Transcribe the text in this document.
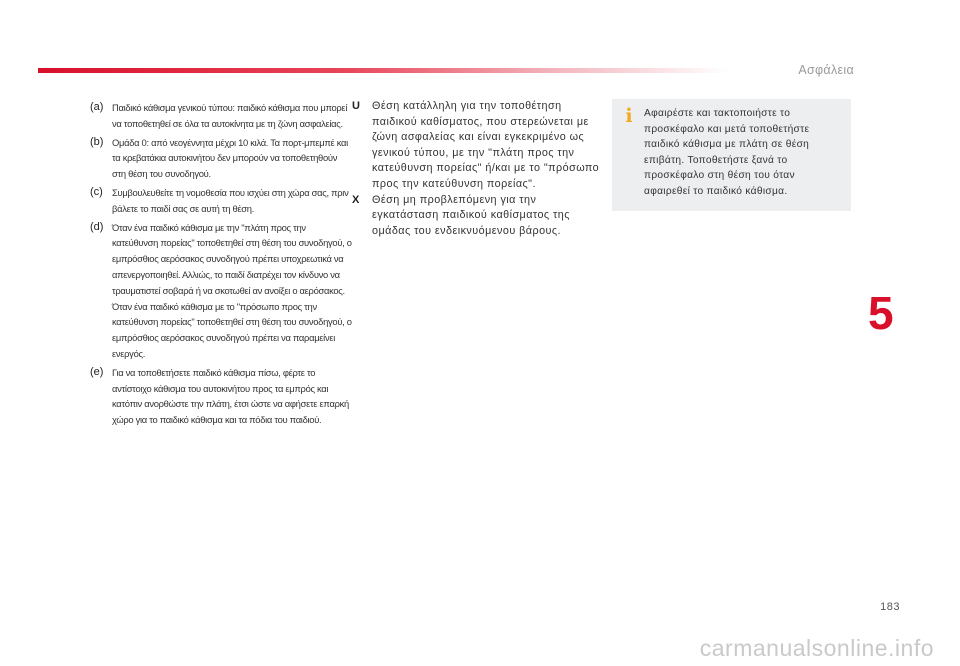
Ασφάλεια
(a) Παιδικό κάθισμα γενικού τύπου: παιδικό κάθισμα που μπορεί να τοποθετηθεί σε όλα τα αυτοκίνητα με τη ζώνη ασφαλείας.
(b) Ομάδα 0: από νεογέννητα μέχρι 10 κιλά. Τα πορτ-μπεμπέ και τα κρεβατάκια αυτοκινήτου δεν μπορούν να τοποθετηθούν στη θέση του συνοδηγού.
(c) Συμβουλευθείτε τη νομοθεσία που ισχύει στη χώρα σας, πριν βάλετε το παιδί σας σε αυτή τη θέση.
(d) Όταν ένα παιδικό κάθισμα με την "πλάτη προς την κατεύθυνση πορείας" τοποθετηθεί στη θέση του συνοδηγού, ο εμπρόσθιος αερόσακος συνοδηγού πρέπει υποχρεωτικά να απενεργοποιηθεί. Αλλιώς, το παιδί διατρέχει τον κίνδυνο να τραυματιστεί σοβαρά ή να σκοτωθεί αν ανοίξει ο αερόσακος. Όταν ένα παιδικό κάθισμα με το "πρόσωπο προς την κατεύθυνση πορείας" τοποθετηθεί στη θέση του συνοδηγού, ο εμπρόσθιος αερόσακος συνοδηγού πρέπει να παραμείνει ενεργός.
(e) Για να τοποθετήσετε παιδικό κάθισμα πίσω, φέρτε το αντίστοιχο κάθισμα του αυτοκινήτου προς τα εμπρός και κατόπιν ανορθώστε την πλάτη, έτσι ώστε να αφήσετε επαρκή χώρο για το παιδικό κάθισμα και τα πόδια του παιδιού.
U	Θέση κατάλληλη για την τοποθέτηση παιδικού καθίσματος, που στερεώνεται με ζώνη ασφαλείας και είναι εγκεκριμένο ως γενικού τύπου, με την "πλάτη προς την κατεύθυνση πορείας" ή/και με το "πρόσωπο προς την κατεύθυνση πορείας".
X	Θέση μη προβλεπόμενη για την εγκατάσταση παιδικού καθίσματος της ομάδας του ενδεικνυόμενου βάρους.
i	Αφαιρέστε και τακτοποιήστε το προσκέφαλο και μετά τοποθετήστε παιδικό κάθισμα με πλάτη σε θέση επιβάτη. Τοποθετήστε ξανά το προσκέφαλο στη θέση του όταν αφαιρεθεί το παιδικό κάθισμα.
5
183
carmanualsonline.info
